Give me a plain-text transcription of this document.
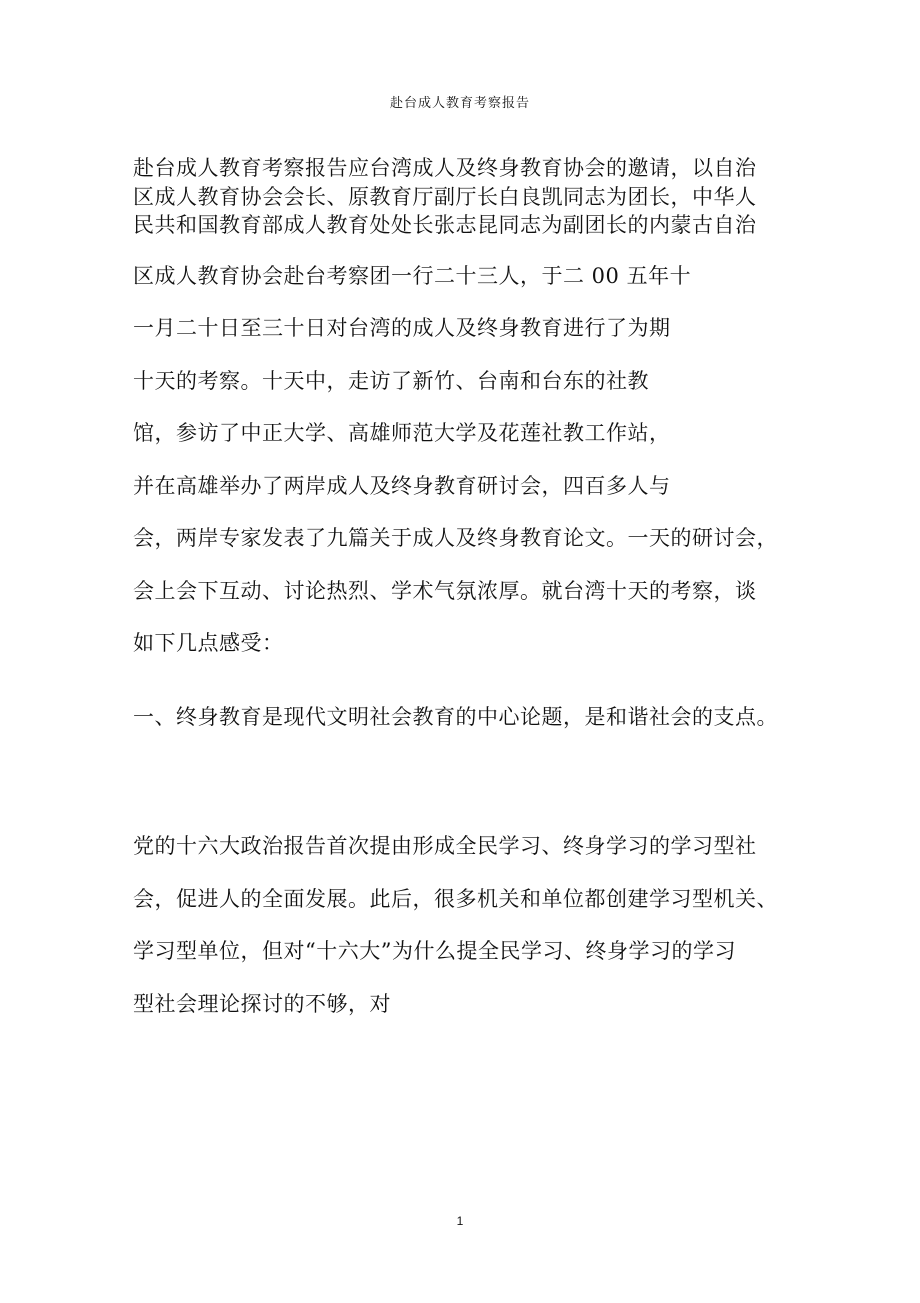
赴台成人教育考察报告
赴台成人教育考察报告应台湾成人及终身教育协会的邀请，以自治
区成人教育协会会长、原教育厅副厅长白良凯同志为团长，中华人
民共和国教育部成人教育处处长张志昆同志为副团长的内蒙古自治
区成人教育协会赴台考察团一行二十三人，于二 00 五年十
一月二十日至三十日对台湾的成人及终身教育进行了为期
十天的考察。十天中，走访了新竹、台南和台东的社教
馆，参访了中正大学、高雄师范大学及花莲社教工作站，
并在高雄举办了两岸成人及终身教育研讨会，四百多人与
会，两岸专家发表了九篇关于成人及终身教育论文。一天的研讨会，
会上会下互动、讨论热烈、学术气氛浓厚。就台湾十天的考察，谈
如下几点感受：
一、终身教育是现代文明社会教育的中心论题，是和谐社会的支点。
党的十六大政治报告首次提由形成全民学习、终身学习的学习型社
会，促进人的全面发展。此后，很多机关和单位都创建学习型机关、
学习型单位，但对“十六大”为什么提全民学习、终身学习的学习
型社会理论探讨的不够，对
1
